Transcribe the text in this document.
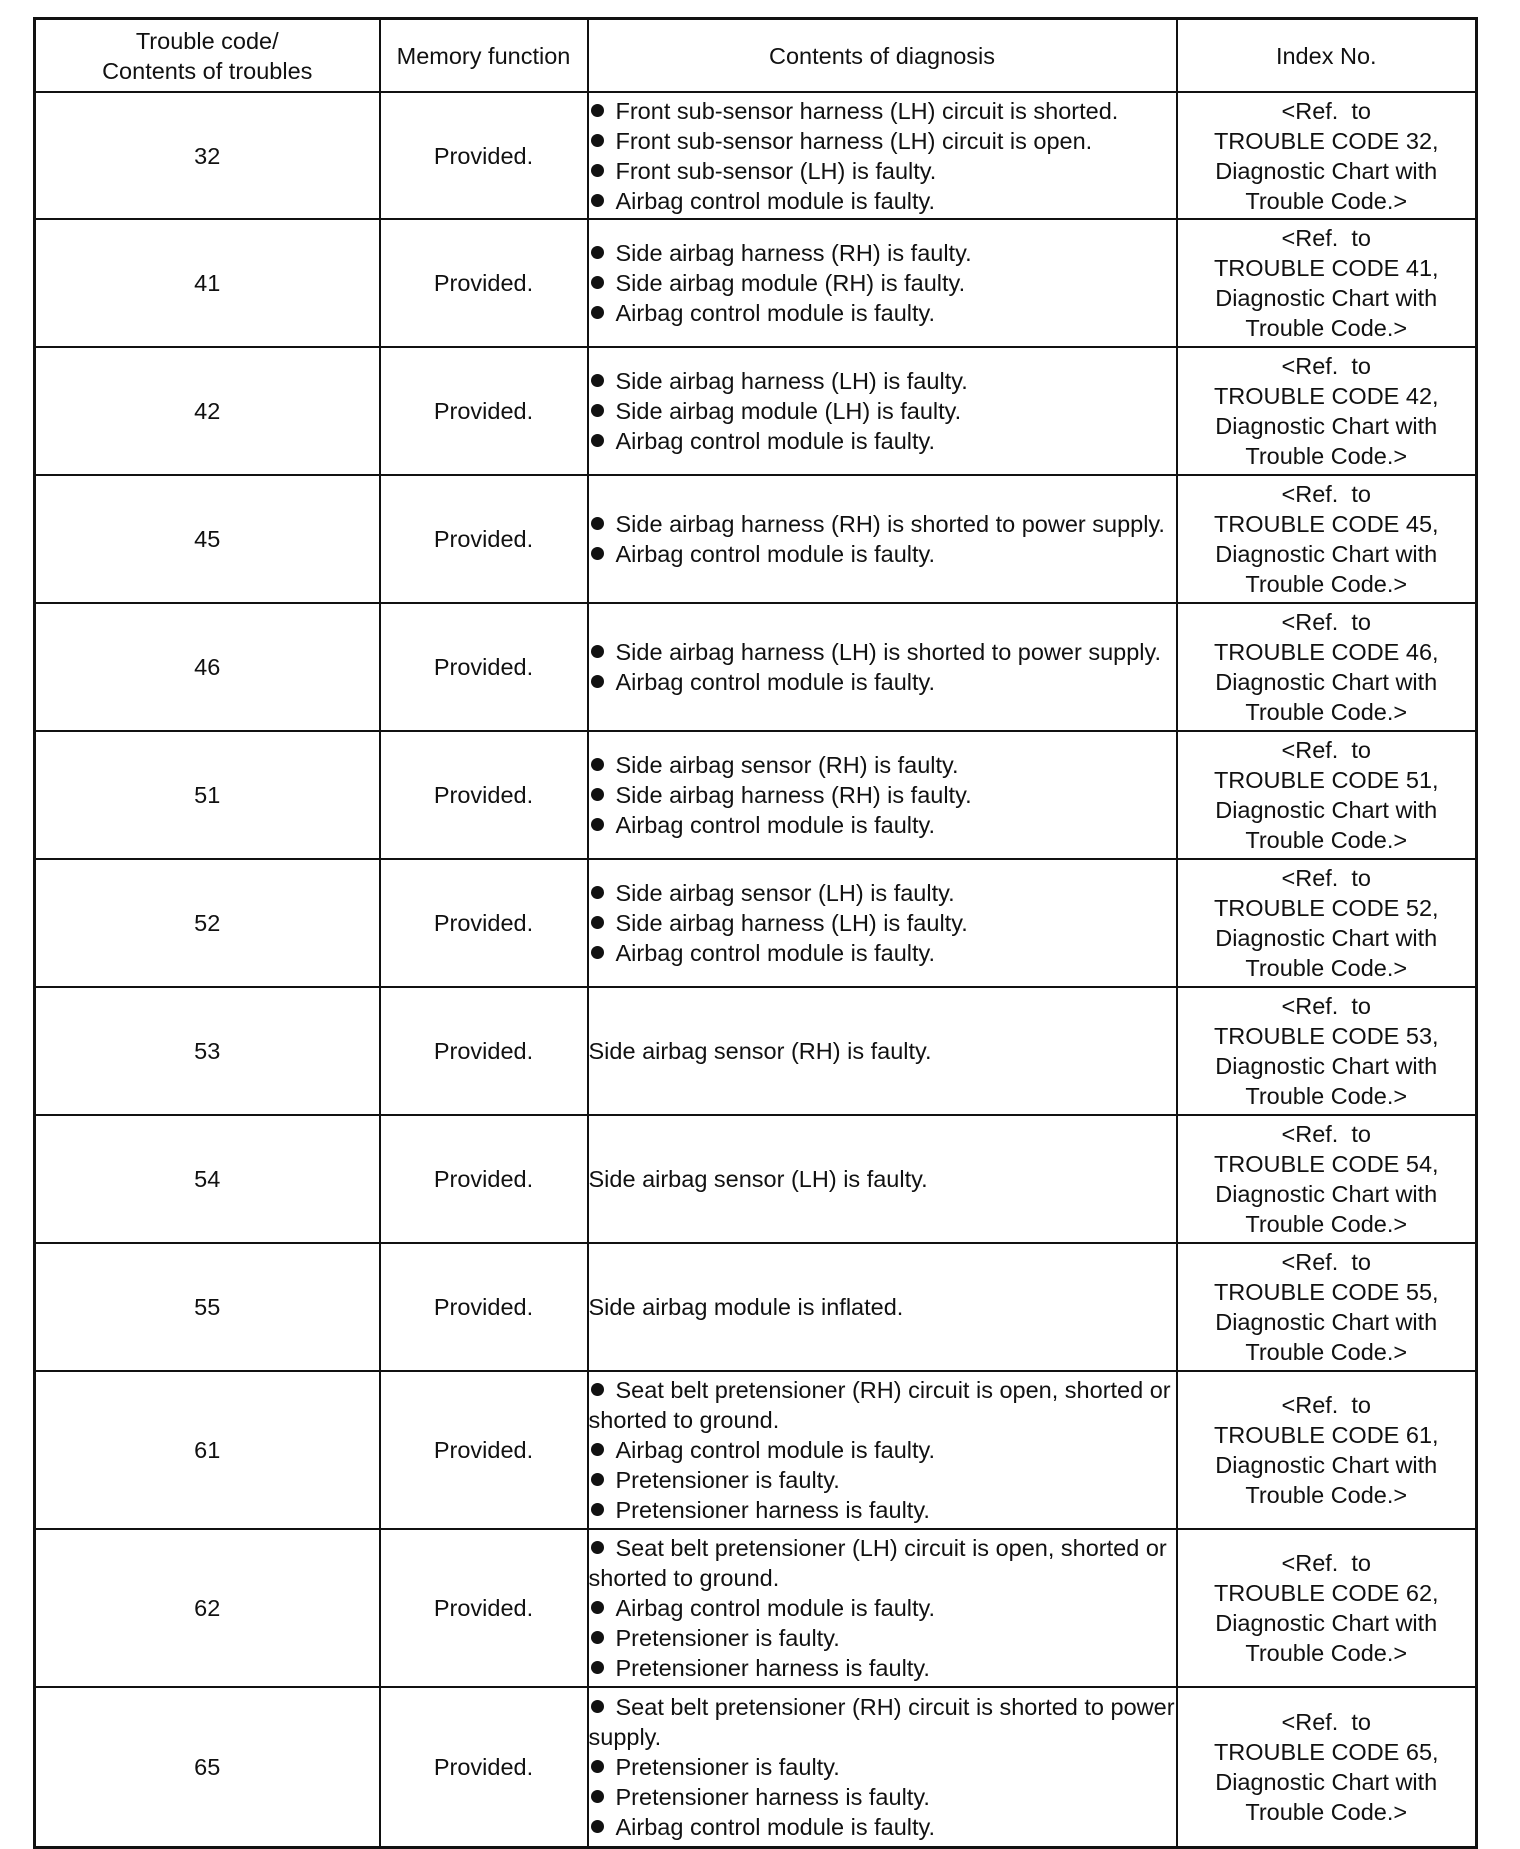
Trouble code/
Contents of troubles	Memory function	Contents of diagnosis	Index No.
32	Provided.	Front sub-sensor harness (LH) circuit is shorted.
Front sub-sensor harness (LH) circuit is open.
Front sub-sensor (LH) is faulty.
Airbag control module is faulty.	<Ref.  to
TROUBLE CODE 32,
Diagnostic Chart with
Trouble Code.>

41	Provided.	Side airbag harness (RH) is faulty.
Side airbag module (RH) is faulty.
Airbag control module is faulty.	<Ref.  to
TROUBLE CODE 41,
Diagnostic Chart with
Trouble Code.>

42	Provided.	Side airbag harness (LH) is faulty.
Side airbag module (LH) is faulty.
Airbag control module is faulty.	<Ref.  to
TROUBLE CODE 42,
Diagnostic Chart with
Trouble Code.>

45	Provided.	Side airbag harness (RH) is shorted to power supply.
Airbag control module is faulty.	<Ref.  to
TROUBLE CODE 45,
Diagnostic Chart with
Trouble Code.>

46	Provided.	Side airbag harness (LH) is shorted to power supply.
Airbag control module is faulty.	<Ref.  to
TROUBLE CODE 46,
Diagnostic Chart with
Trouble Code.>

51	Provided.	Side airbag sensor (RH) is faulty.
Side airbag harness (RH) is faulty.
Airbag control module is faulty.	<Ref.  to
TROUBLE CODE 51,
Diagnostic Chart with
Trouble Code.>

52	Provided.	Side airbag sensor (LH) is faulty.
Side airbag harness (LH) is faulty.
Airbag control module is faulty.	<Ref.  to
TROUBLE CODE 52,
Diagnostic Chart with
Trouble Code.>

53	Provided.	Side airbag sensor (RH) is faulty.	<Ref.  to
TROUBLE CODE 53,
Diagnostic Chart with
Trouble Code.>

54	Provided.	Side airbag sensor (LH) is faulty.	<Ref.  to
TROUBLE CODE 54,
Diagnostic Chart with
Trouble Code.>

55	Provided.	Side airbag module is inflated.	<Ref.  to
TROUBLE CODE 55,
Diagnostic Chart with
Trouble Code.>

61	Provided.	Seat belt pretensioner (RH) circuit is open, shorted or shorted to ground.
Airbag control module is faulty.
Pretensioner is faulty.
Pretensioner harness is faulty.	<Ref.  to
TROUBLE CODE 61,
Diagnostic Chart with
Trouble Code.>

62	Provided.	Seat belt pretensioner (LH) circuit is open, shorted or shorted to ground.
Airbag control module is faulty.
Pretensioner is faulty.
Pretensioner harness is faulty.	<Ref.  to
TROUBLE CODE 62,
Diagnostic Chart with
Trouble Code.>

65	Provided.	Seat belt pretensioner (RH) circuit is shorted to power supply.
Pretensioner is faulty.
Pretensioner harness is faulty.
Airbag control module is faulty.	<Ref.  to
TROUBLE CODE 65,
Diagnostic Chart with
Trouble Code.>
